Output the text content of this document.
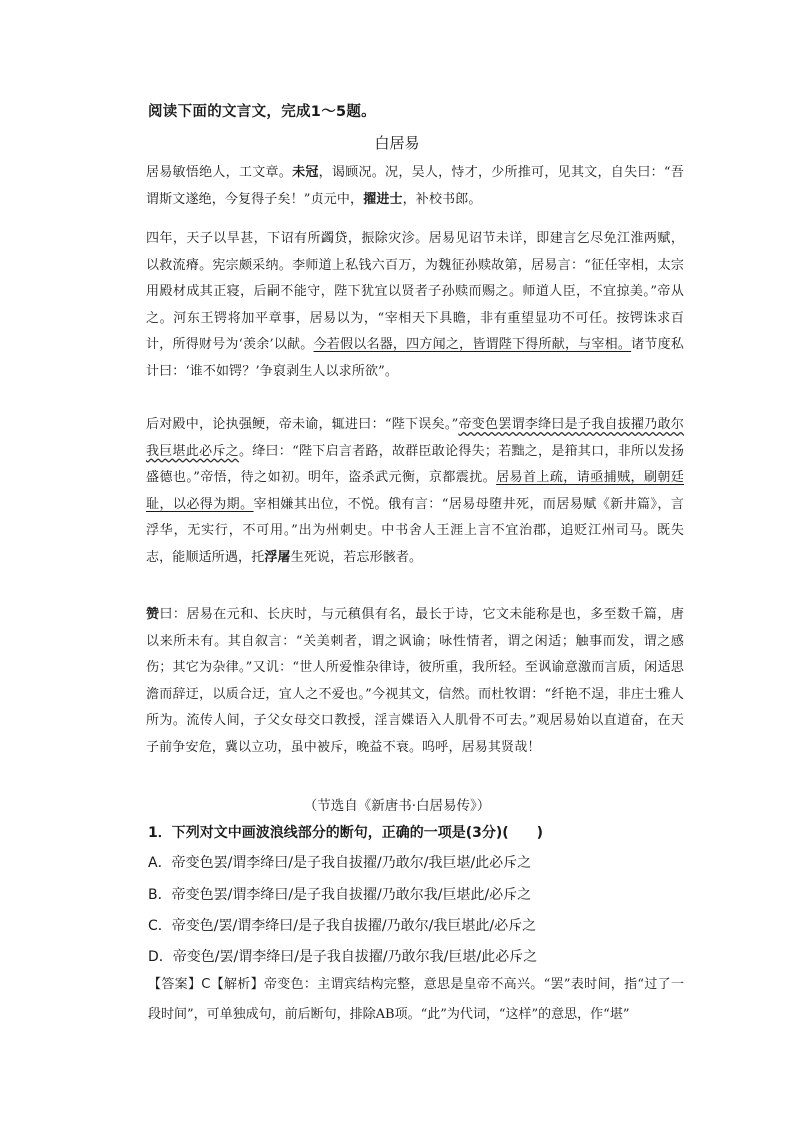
阅读下面的文言文，完成1～5题。
白居易
居易敏悟绝人，工文章。未冠，谒顾况。况，吴人，恃才，少所推可，见其文，自失曰：“吾谓斯文遂绝，今复得子矣！”贞元中，擢进士，补校书郎。
四年，天子以旱甚，下诏有所蠲贷，振除灾沴。居易见诏节未详，即建言乞尽免江淮两赋，以救流瘠。宪宗颇采纳。李师道上私钱六百万，为魏征孙赎故第，居易言：“征任宰相，太宗用殿材成其正寝，后嗣不能守，陛下犹宜以贤者子孙赎而赐之。师道人臣，不宜掠美。”帝从之。河东王锷将加平章事，居易以为，“宰相天下具瞻，非有重望显功不可任。按锷诛求百计，所得财号为‘羡余’以献。今若假以名器，四方闻之，皆谓陛下得所献，与宰相。诸节度私计曰：‘谁不如锷？’争裒剥生人以求所欲”。
后对殿中，论执强鲠，帝未谕，辄进曰：“陛下误矣。”帝变色罢谓李绛曰是子我自拔擢乃敢尔我巨堪此必斥之。绛曰：“陛下启言者路，故群臣敢论得失；若黜之，是箝其口，非所以发扬盛德也。”帝悟，待之如初。明年，盗杀武元衡，京都震扰。居易首上疏，请亟捕贼，刷朝廷耻，以必得为期。宰相嫌其出位，不悦。俄有言：“居易母堕井死，而居易赋《新井篇》，言浮华，无实行，不可用。”出为州刺史。中书舍人王涯上言不宜治郡，追贬江州司马。既失志，能顺适所遇，托浮屠生死说，若忘形骸者。
赞曰：居易在元和、长庆时，与元稹俱有名，最长于诗，它文未能称是也，多至数千篇，唐以来所未有。其自叙言：“关美刺者，谓之讽谕；咏性情者，谓之闲适；触事而发，谓之感伤；其它为杂律。”又讥：“世人所爱惟杂律诗，彼所重，我所轻。至讽谕意激而言质，闲适思澹而辞迂，以质合迂，宜人之不爱也。”今视其文，信然。而杜牧谓：“纤艳不逞，非庄士雅人所为。流传人间，子父女母交口教授，淫言媟语入人肌骨不可去。”观居易始以直道奋，在天子前争安危，冀以立功，虽中被斥，晚益不衰。呜呼，居易其贤哉！
（节选自《新唐书·白居易传》）
1．下列对文中画波浪线部分的断句，正确的一项是(3分)(　　)
A．帝变色罢/谓李绛曰/是子我自拔擢/乃敢尔/我巨堪/此必斥之
B．帝变色罢/谓李绛曰/是子我自拔擢/乃敢尔我/巨堪此/必斥之
C．帝变色/罢/谓李绛曰/是子我自拔擢/乃敢尔/我巨堪此/必斥之
D．帝变色/罢/谓李绛曰/是子我自拔擢/乃敢尔我/巨堪/此必斥之
【答案】C【解析】帝变色：主谓宾结构完整，意思是皇帝不高兴。“罢”表时间，指“过了一段时间”，可单独成句，前后断句，排除AB项。“此”为代词，“这样”的意思，作“堪”
